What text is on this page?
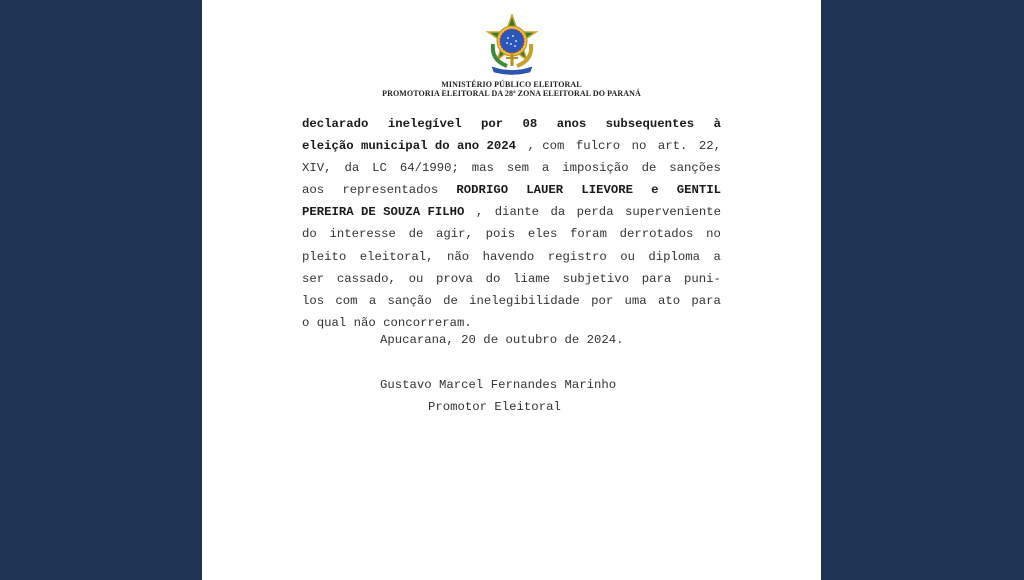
MINISTÉRIO PÚBLICO ELEITORAL
PROMOTORIA ELEITORAL DA 28ª ZONA ELEITORAL DO PARANÁ
declarado inelegível por 08 anos subsequentes à
eleição municipal do ano 2024 , com fulcro no art. 22,
XIV, da LC 64/1990; mas sem a imposição de sanções
aos representados RODRIGO LAUER LIEVORE e GENTIL
PEREIRA DE SOUZA FILHO , diante da perda superveniente
do interesse de agir, pois eles foram derrotados no
pleito eleitoral, não havendo registro ou diploma a
ser cassado, ou prova do liame subjetivo para puni-
los com a sanção de inelegibilidade por uma ato para
o qual não concorreram.
Apucarana, 20 de outubro de 2024.
Gustavo Marcel Fernandes Marinho
Promotor Eleitoral
